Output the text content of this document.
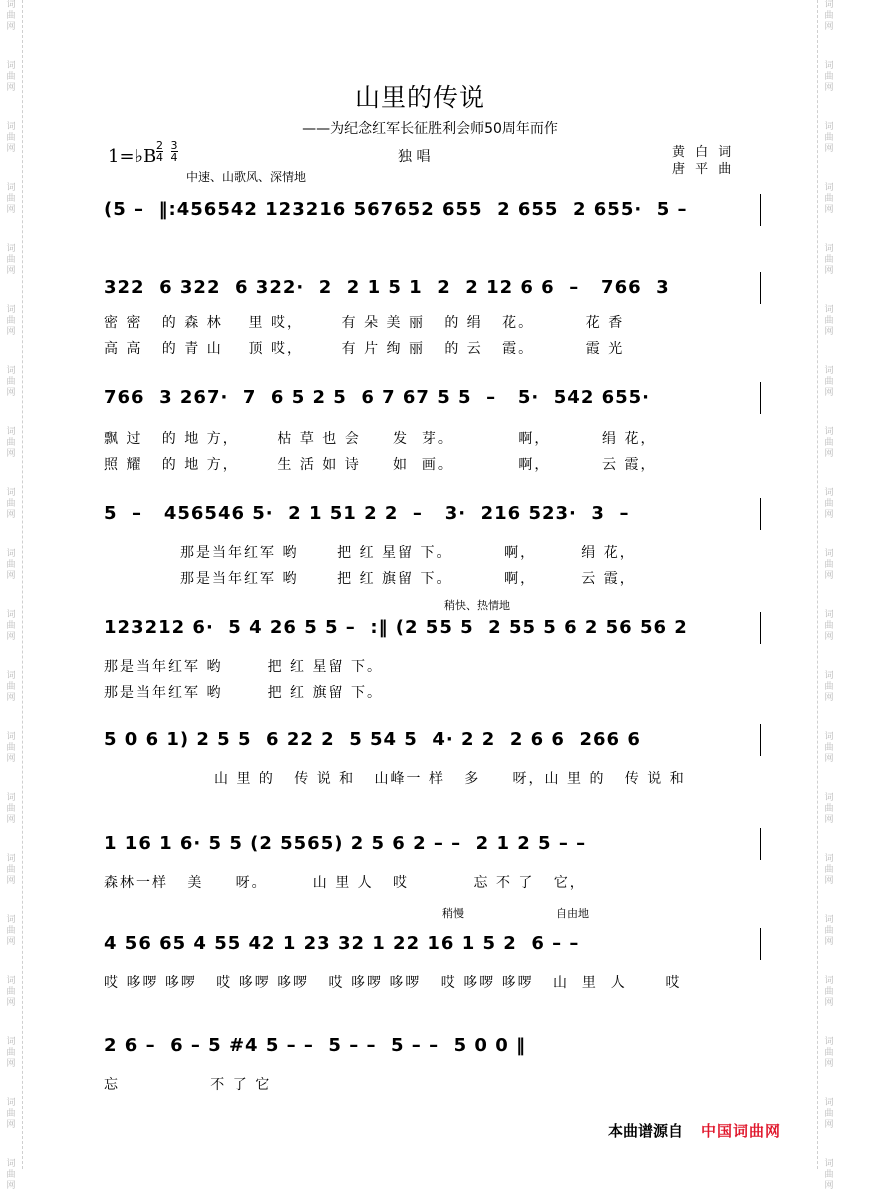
词
曲
网
词
曲
网
词
曲
网
词
曲
网
词
曲
网
词
曲
网
词
曲
网
词
曲
网
词
曲
网
词
曲
网
词
曲
网
词
曲
网
词
曲
网
词
曲
网
词
曲
网
词
曲
网
词
曲
网
词
曲
网
词
曲
网
词
曲
网
词
曲
网
词
曲
网
词
曲
网
词
曲
网
词
曲
网
词
曲
网
词
曲
网
词
曲
网
词
曲
网
词
曲
网
词
曲
网
词
曲
网
词
曲
网
词
曲
网
词
曲
网
词
曲
网
词
曲
网
词
曲
网
词
曲
网
词
曲
网
山里的传说
——为纪念红军长征胜利会师50周年而作
1=♭B $\frac{2}{4}$
$\frac{3}{4}$	独 唱
中速、山歌风、深情地
黄 白 词
唐 平 曲
(5 –  ‖:456542 123216 567652 655  2 655  2 655·  5 –
322  6 322  6 322·  2  2 1 5 1  2  2 12 6 6  –   766  3
密 密   的 森 林    里 哎，      有 朵 美 丽   的 绢   花。        花 香
高 高   的 青 山    顶 哎，      有 片 绚 丽   的 云   霞。        霞 光
766  3 267·  7  6 5 2 5  6 7 67 5 5  –   5·  542 655·
飘 过   的 地 方，      枯 草 也 会     发  芽。          啊，        绢 花，
照 耀   的 地 方，      生 活 如 诗     如  画。          啊，        云 霞，
5  –   456546 5·  2 1 51 2 2  –   3·  216 523·  3  –
那是当年红军 哟      把 红 星留 下。        啊，       绢 花，
那是当年红军 哟      把 红 旗留 下。        啊，       云 霞，
稍快、热情地
123212 6·  5 4 26 5 5 –  :‖ (2 55 5  2 55 5 6 2 56 56 2
那是当年红军 哟       把 红 星留 下。
那是当年红军 哟       把 红 旗留 下。
5 0 6 1) 2 5 5  6 22 2  5 54 5  4· 2 2  2 6 6  266 6
山 里 的   传 说 和   山峰一 样   多     呀，山 里 的   传 说 和
1 16 1 6· 5 5 (2 5565) 2 5 6 2 – –  2 1 2 5 – –
森林一样   美     呀。       山 里 人   哎          忘 不 了   它，
稍慢	自由地
4 56 65 4 55 42 1 23 32 1 22 16 1 5 2  6 – –
哎 哆啰 哆啰   哎 哆啰 哆啰   哎 哆啰 哆啰   哎 哆啰 哆啰   山  里  人      哎
2 6 –  6 – 5 #4 5 – –  5 – –  5 – –  5 0 0 ‖
忘              不 了 它
本曲谱源自 中国词曲网
